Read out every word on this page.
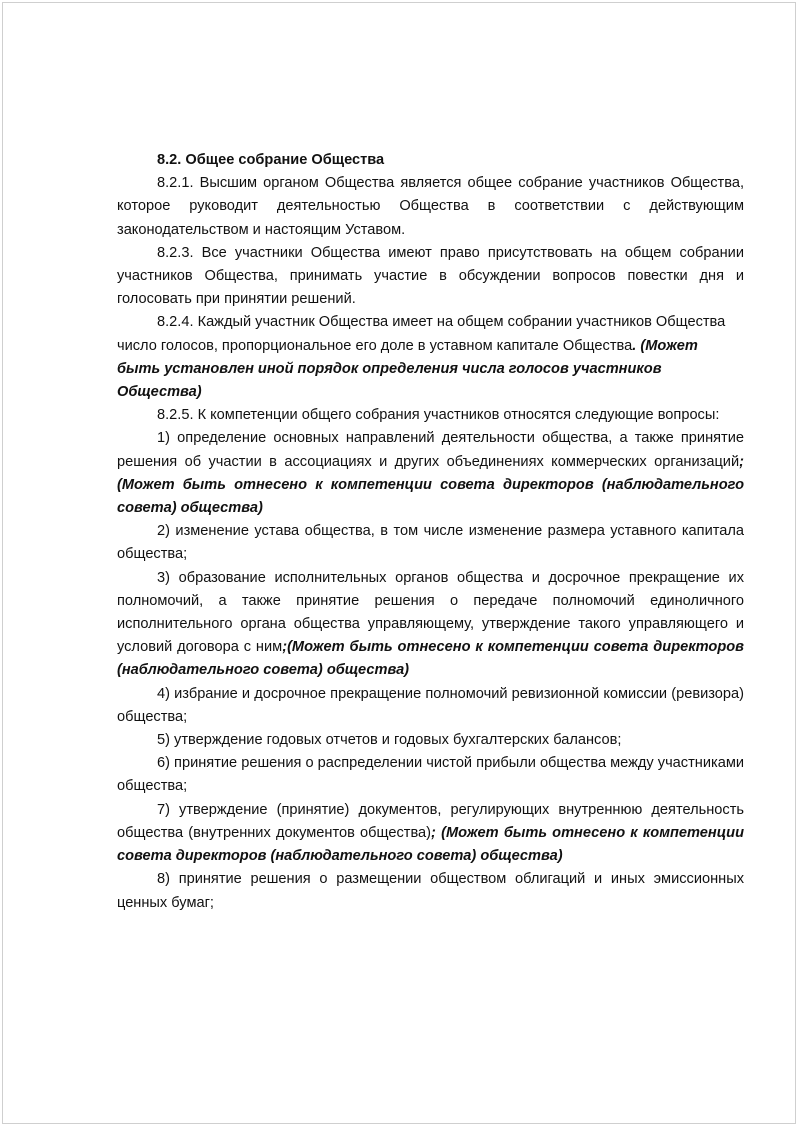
8.2. Общее собрание Общества

8.2.1. Высшим органом Общества является общее собрание участников Общества, которое руководит деятельностью Общества в соответствии с действующим законодательством и настоящим Уставом.

8.2.3. Все участники Общества имеют право присутствовать на общем собрании участников Общества, принимать участие в обсуждении вопросов повестки дня и голосовать при принятии решений.

8.2.4. Каждый участник Общества имеет на общем собрании участников Общества число голосов, пропорциональное его доле в уставном капитале Общества. (Может быть установлен иной порядок определения числа голосов участников Общества)

8.2.5. К компетенции общего собрания участников относятся следующие вопросы:

1) определение основных направлений деятельности общества, а также принятие решения об участии в ассоциациях и других объединениях коммерческих организаций;(Может быть отнесено к компетенции совета директоров (наблюдательного совета) общества)

2) изменение устава общества, в том числе изменение размера уставного капитала общества;

3) образование исполнительных органов общества и досрочное прекращение их полномочий, а также принятие решения о передаче полномочий единоличного исполнительного органа общества управляющему, утверждение такого управляющего и условий договора с ним;(Может быть отнесено к компетенции совета директоров (наблюдательного совета) общества)

4) избрание и досрочное прекращение полномочий ревизионной комиссии (ревизора) общества;

5) утверждение годовых отчетов и годовых бухгалтерских балансов;

6) принятие решения о распределении чистой прибыли общества между участниками общества;

7) утверждение (принятие) документов, регулирующих внутреннюю деятельность общества (внутренних документов общества); (Может быть отнесено к компетенции совета директоров (наблюдательного совета) общества)

8) принятие решения о размещении обществом облигаций и иных эмиссионных ценных бумаг;
